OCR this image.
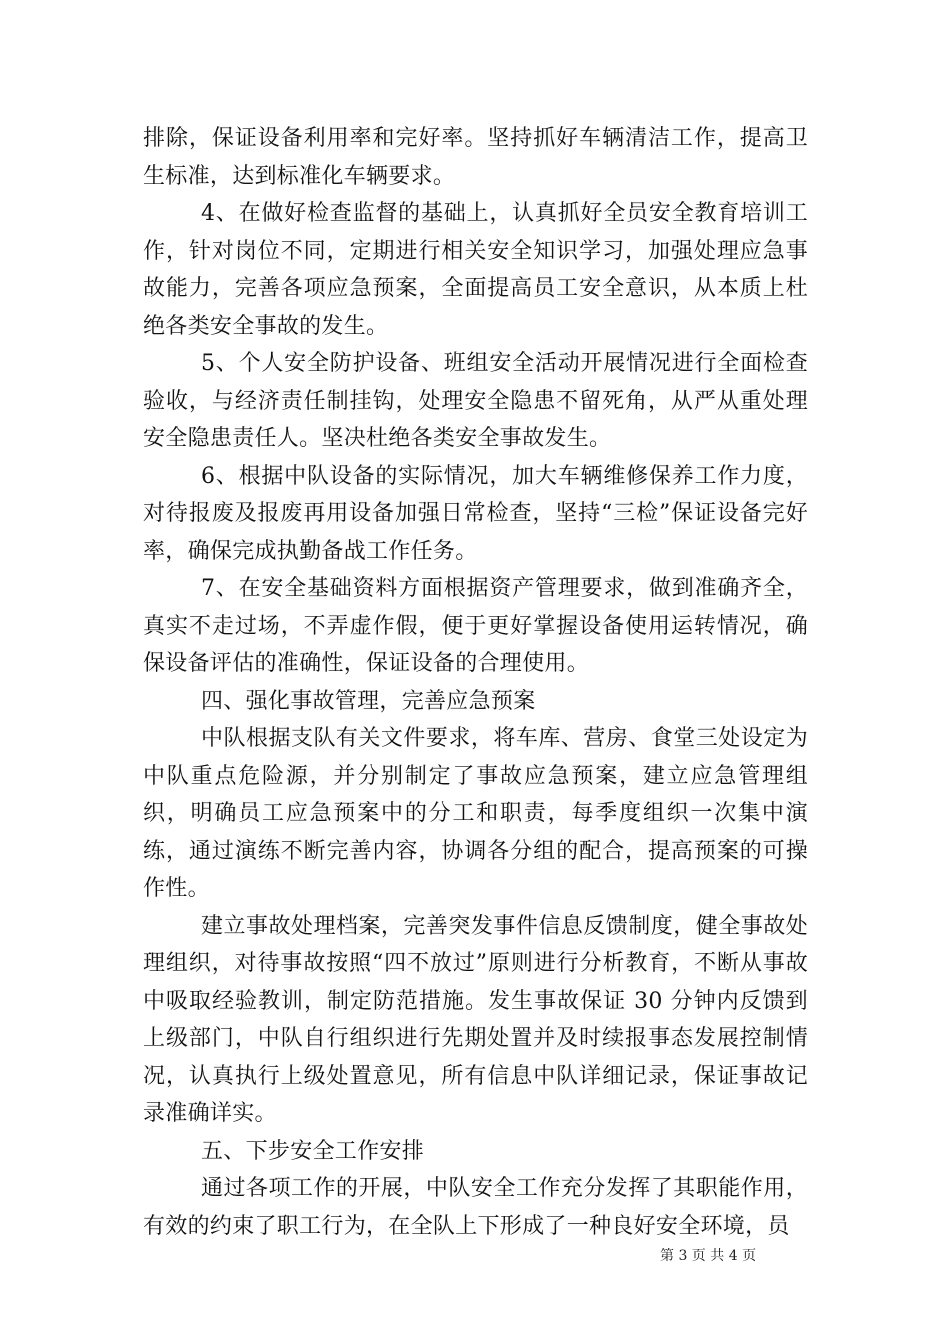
排除，保证设备利用率和完好率。坚持抓好车辆清洁工作，提高卫生标准，达到标准化车辆要求。

4、在做好检查监督的基础上，认真抓好全员安全教育培训工作，针对岗位不同，定期进行相关安全知识学习，加强处理应急事故能力，完善各项应急预案，全面提高员工安全意识，从本质上杜绝各类安全事故的发生。

5、个人安全防护设备、班组安全活动开展情况进行全面检查验收，与经济责任制挂钩，处理安全隐患不留死角，从严从重处理安全隐患责任人。坚决杜绝各类安全事故发生。

6、根据中队设备的实际情况，加大车辆维修保养工作力度，对待报废及报废再用设备加强日常检查，坚持“三检”保证设备完好率，确保完成执勤备战工作任务。

7、在安全基础资料方面根据资产管理要求，做到准确齐全，真实不走过场，不弄虚作假，便于更好掌握设备使用运转情况，确保设备评估的准确性，保证设备的合理使用。

四、强化事故管理，完善应急预案

中队根据支队有关文件要求，将车库、营房、食堂三处设定为中队重点危险源，并分别制定了事故应急预案，建立应急管理组织，明确员工应急预案中的分工和职责，每季度组织一次集中演练，通过演练不断完善内容，协调各分组的配合，提高预案的可操作性。

建立事故处理档案，完善突发事件信息反馈制度，健全事故处理组织，对待事故按照“四不放过”原则进行分析教育，不断从事故中吸取经验教训，制定防范措施。发生事故保证 30 分钟内反馈到上级部门，中队自行组织进行先期处置并及时续报事态发展控制情况，认真执行上级处置意见，所有信息中队详细记录，保证事故记录准确详实。

五、下步安全工作安排

通过各项工作的开展，中队安全工作充分发挥了其职能作用，有效的约束了职工行为，在全队上下形成了一种良好安全环境，员

第 3 页 共 4 页
